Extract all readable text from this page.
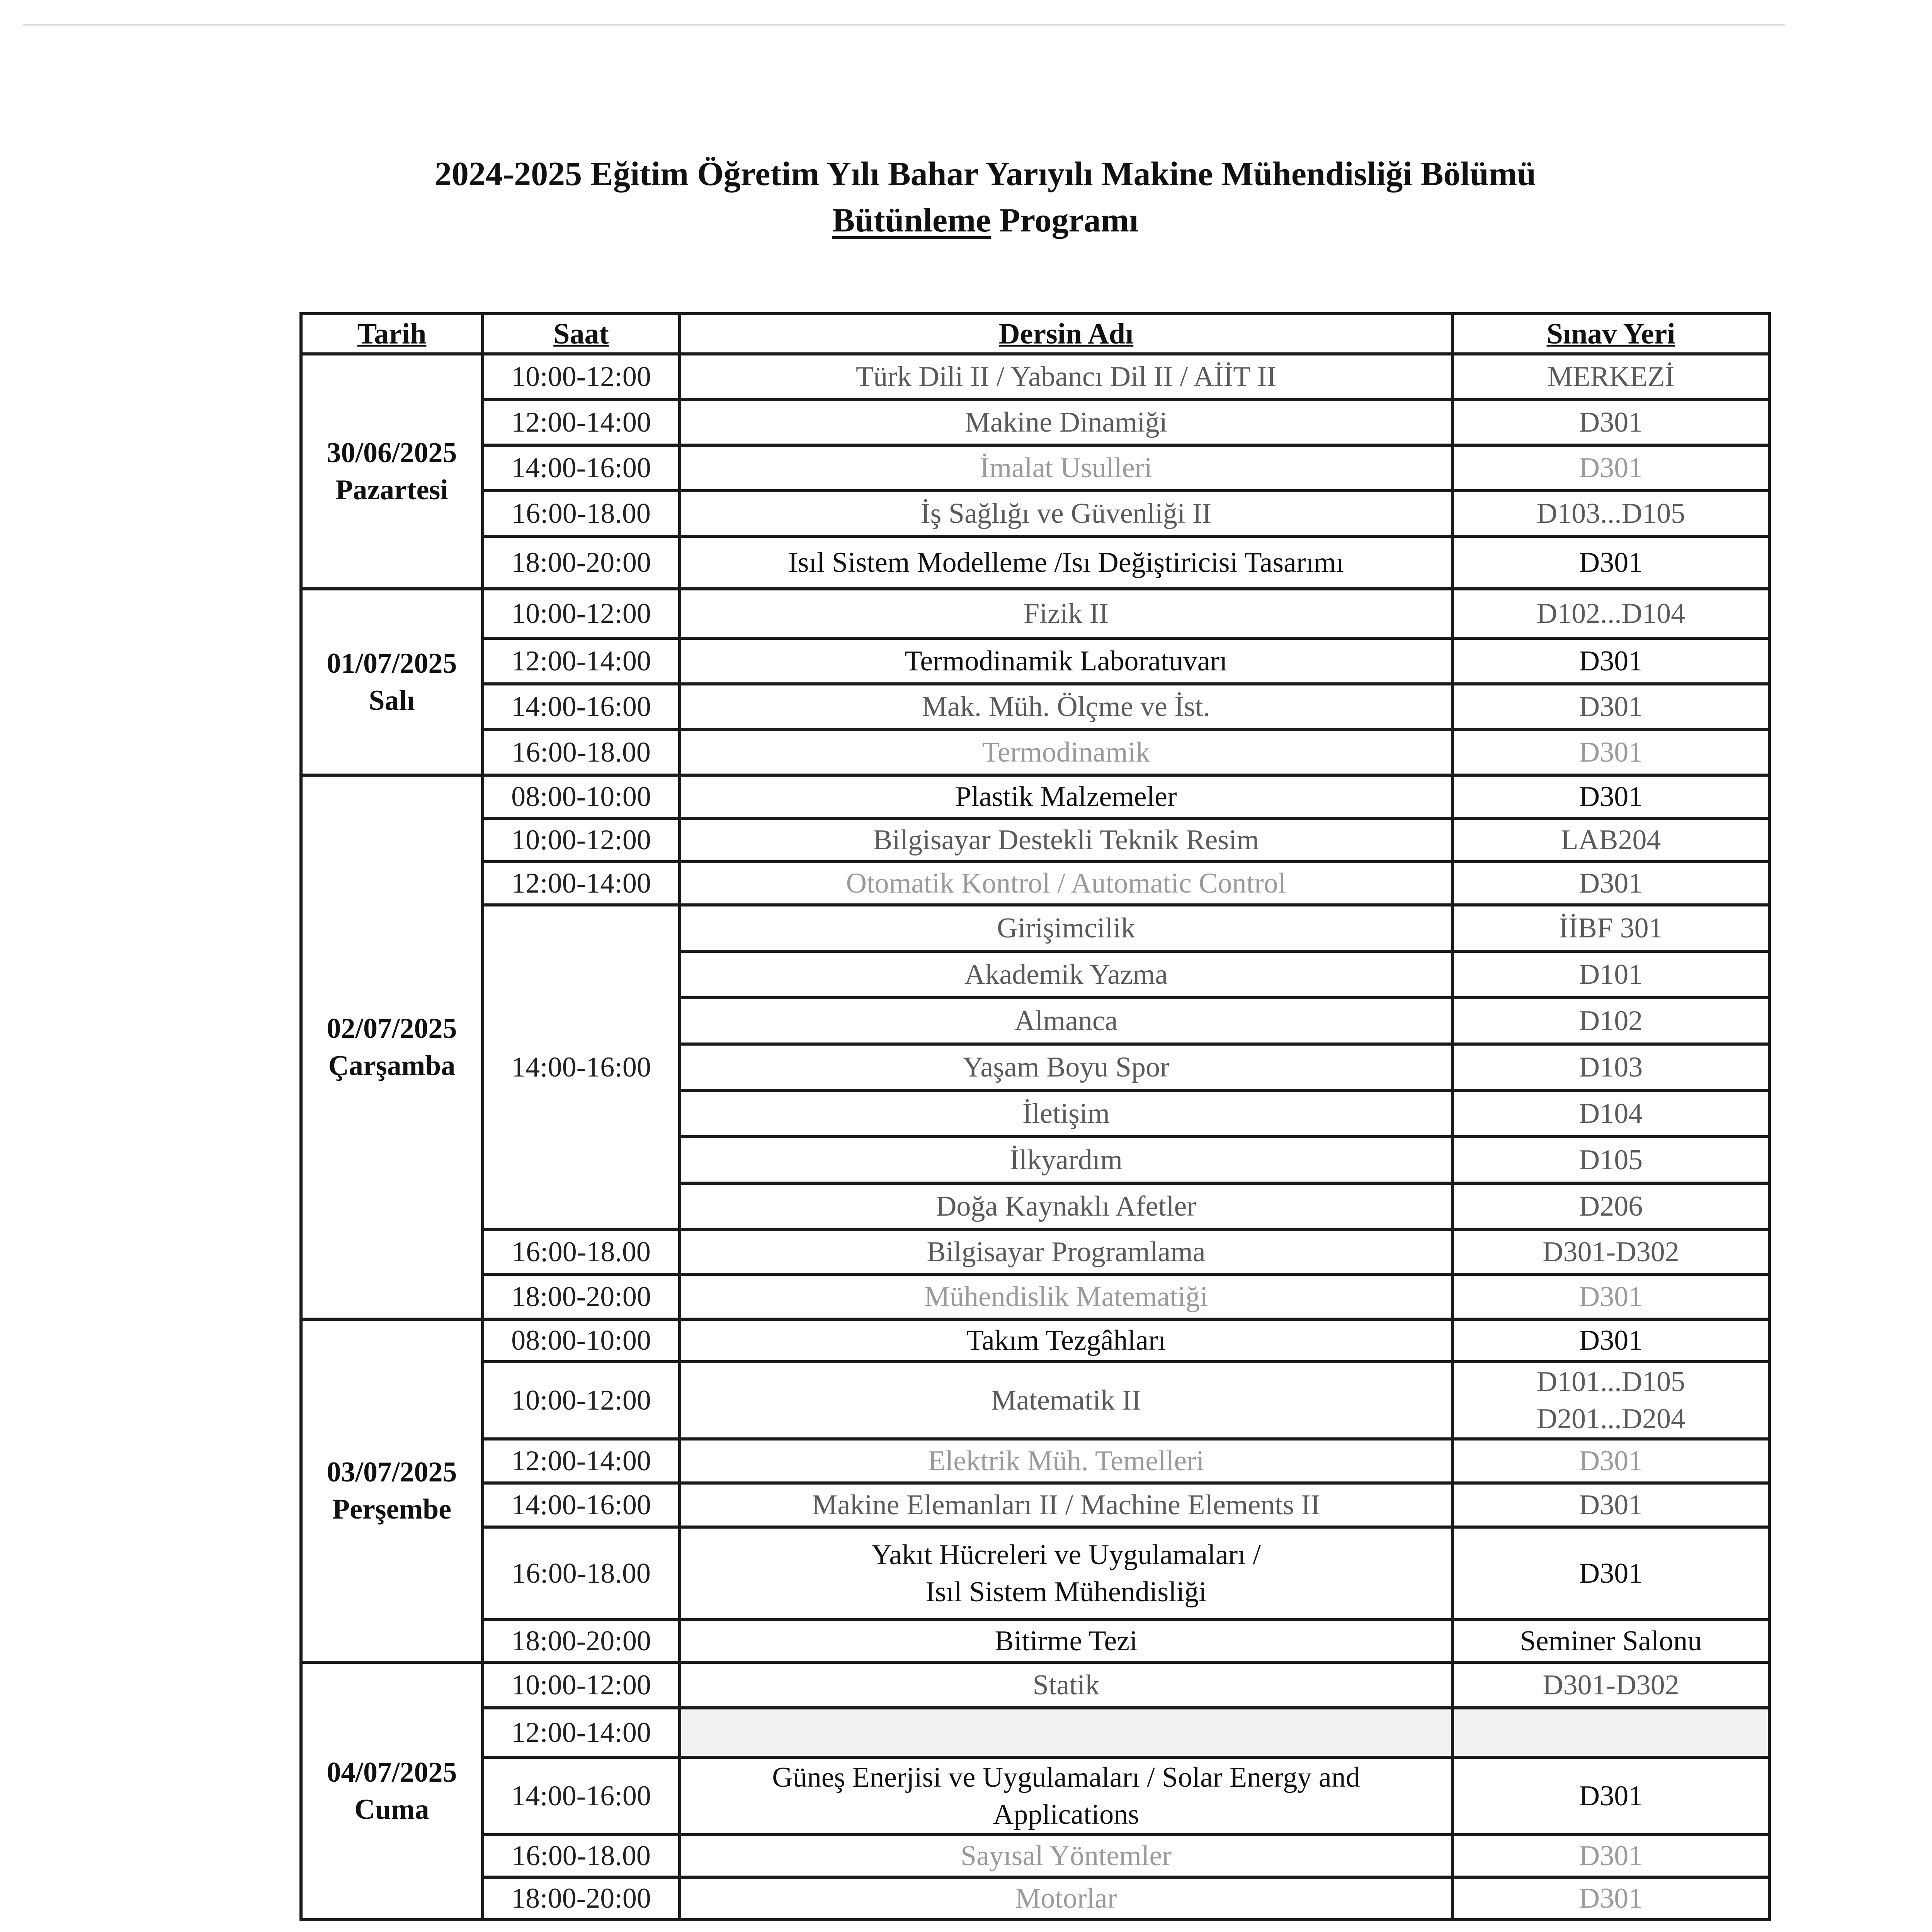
2024-2025 Eğitim Öğretim Yılı Bahar Yarıyılı Makine Mühendisliği Bölümü
Bütünleme Programı
Tarih	Saat	Dersin Adı	Sınav Yeri
30/06/2025
Pazartesi	10:00-12:00	Türk Dili II / Yabancı Dil II / AİİT II	MERKEZİ
	12:00-14:00	Makine Dinamiği	D301
	14:00-16:00	İmalat Usulleri	D301
	16:00-18.00	İş Sağlığı ve Güvenliği II	D103...D105
	18:00-20:00	Isıl Sistem Modelleme /Isı Değiştiricisi Tasarımı	D301
01/07/2025
Salı	10:00-12:00	Fizik II	D102...D104
	12:00-14:00	Termodinamik Laboratuvarı	D301
	14:00-16:00	Mak. Müh. Ölçme ve İst.	D301
	16:00-18.00	Termodinamik	D301
02/07/2025
Çarşamba	08:00-10:00	Plastik Malzemeler	D301
	10:00-12:00	Bilgisayar Destekli Teknik Resim	LAB204
	12:00-14:00	Otomatik Kontrol / Automatic Control	D301
	14:00-16:00	Girişimcilik	İİBF 301
		Akademik Yazma	D101
		Almanca	D102
		Yaşam Boyu Spor	D103
		İletişim	D104
		İlkyardım	D105
		Doğa Kaynaklı Afetler	D206
	16:00-18.00	Bilgisayar Programlama	D301-D302
	18:00-20:00	Mühendislik Matematiği	D301
03/07/2025
Perşembe	08:00-10:00	Takım Tezgâhları	D301
	10:00-12:00	Matematik II	D101...D105
D201...D204
	12:00-14:00	Elektrik Müh. Temelleri	D301
	14:00-16:00	Makine Elemanları II / Machine Elements II	D301
	16:00-18.00	Yakıt Hücreleri ve Uygulamaları /
Isıl Sistem Mühendisliği	D301
	18:00-20:00	Bitirme Tezi	Seminer Salonu
04/07/2025
Cuma	10:00-12:00	Statik	D301-D302
	12:00-14:00		
	14:00-16:00	Güneş Enerjisi ve Uygulamaları / Solar Energy and
Applications	D301
	16:00-18.00	Sayısal Yöntemler	D301
	18:00-20:00	Motorlar	D301
